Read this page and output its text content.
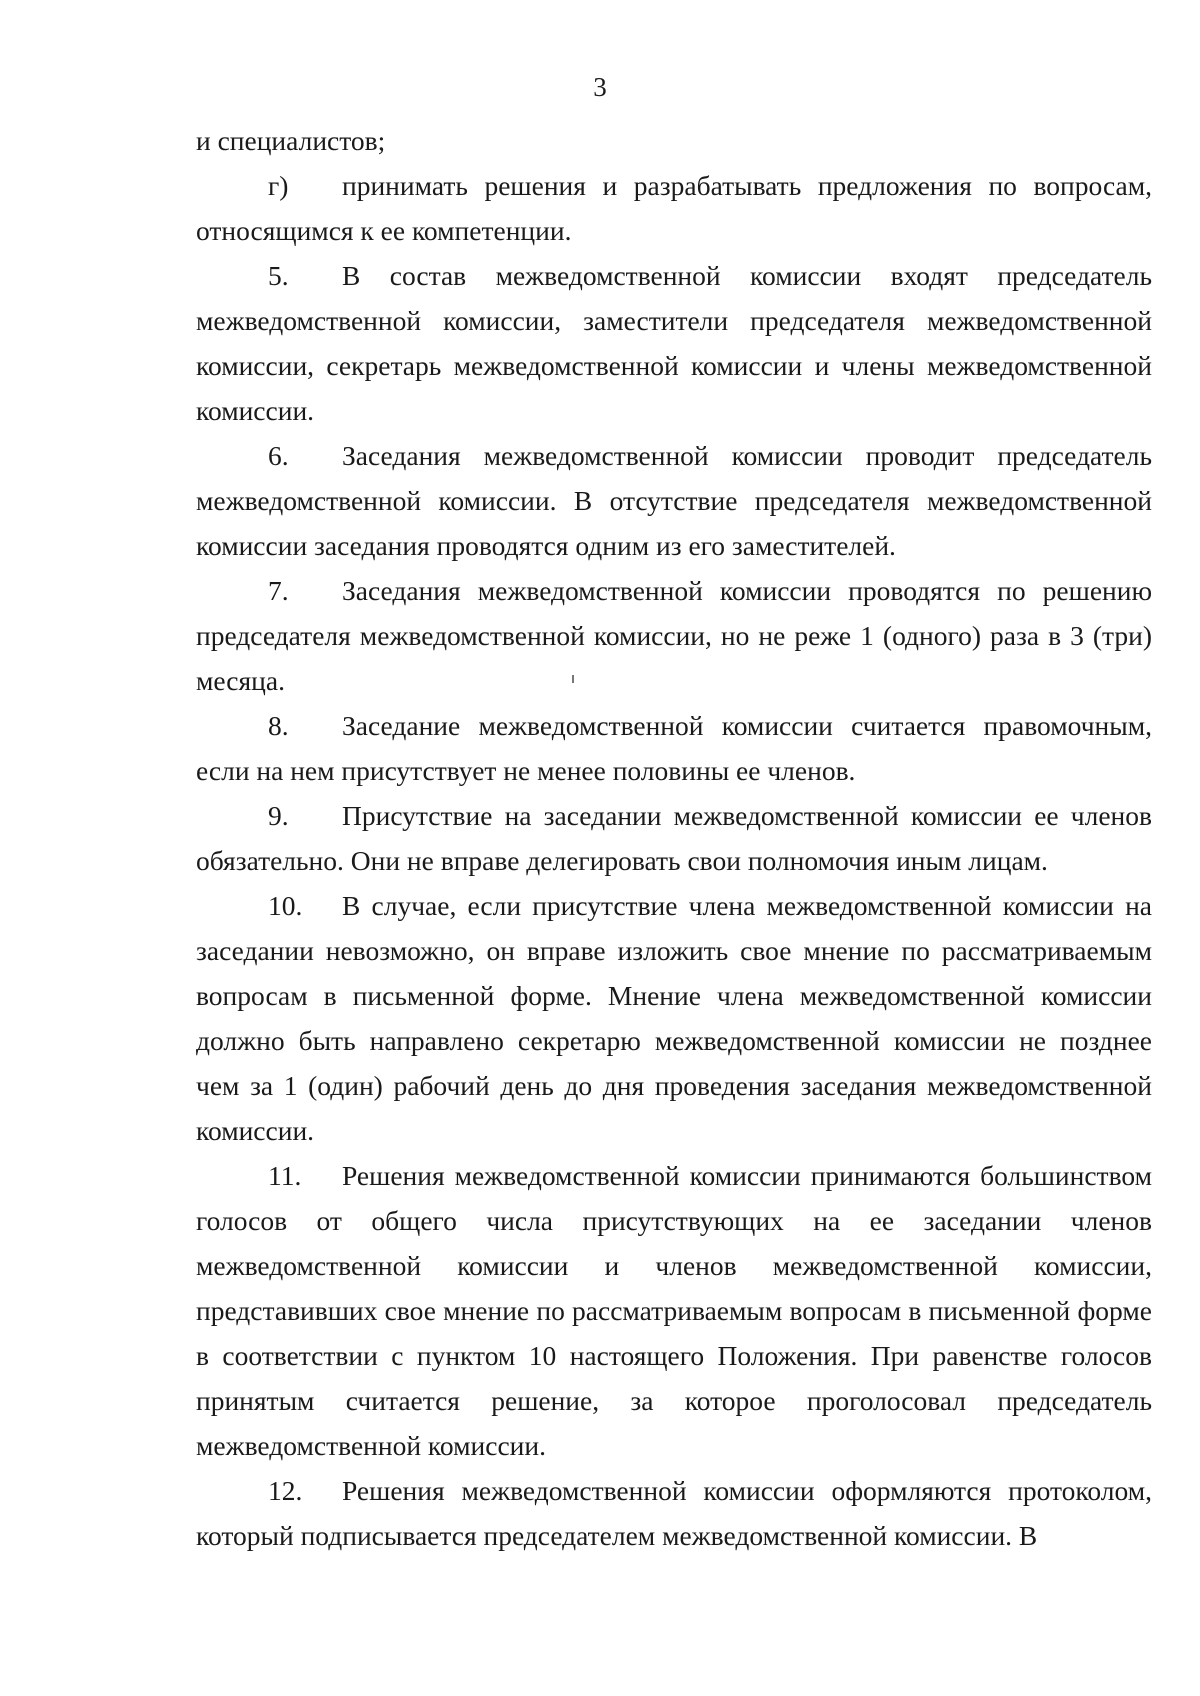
3

и специалистов;

г) принимать решения и разрабатывать предложения по вопросам, относящимся к ее компетенции.

5. В состав межведомственной комиссии входят председатель межведомственной комиссии, заместители председателя межведомственной комиссии, секретарь межведомственной комиссии и члены межведомственной комиссии.

6. Заседания межведомственной комиссии проводит председатель межведомственной комиссии. В отсутствие председателя межведомственной комиссии заседания проводятся одним из его заместителей.

7. Заседания межведомственной комиссии проводятся по решению председателя межведомственной комиссии, но не реже 1 (одного) раза в 3 (три) месяца.

8. Заседание межведомственной комиссии считается правомочным, если на нем присутствует не менее половины ее членов.

9. Присутствие на заседании межведомственной комиссии ее членов обязательно. Они не вправе делегировать свои полномочия иным лицам.

10. В случае, если присутствие члена межведомственной комиссии на заседании невозможно, он вправе изложить свое мнение по рассматриваемым вопросам в письменной форме. Мнение члена межведомственной комиссии должно быть направлено секретарю межведомственной комиссии не позднее чем за 1 (один) рабочий день до дня проведения заседания межведомственной комиссии.

11. Решения межведомственной комиссии принимаются большинством голосов от общего числа присутствующих на ее заседании членов межведомственной комиссии и членов межведомственной комиссии, представивших свое мнение по рассматриваемым вопросам в письменной форме в соответствии с пунктом 10 настоящего Положения. При равенстве голосов принятым считается решение, за которое проголосовал председатель межведомственной комиссии.

12. Решения межведомственной комиссии оформляются протоколом, который подписывается председателем межведомственной комиссии. В
